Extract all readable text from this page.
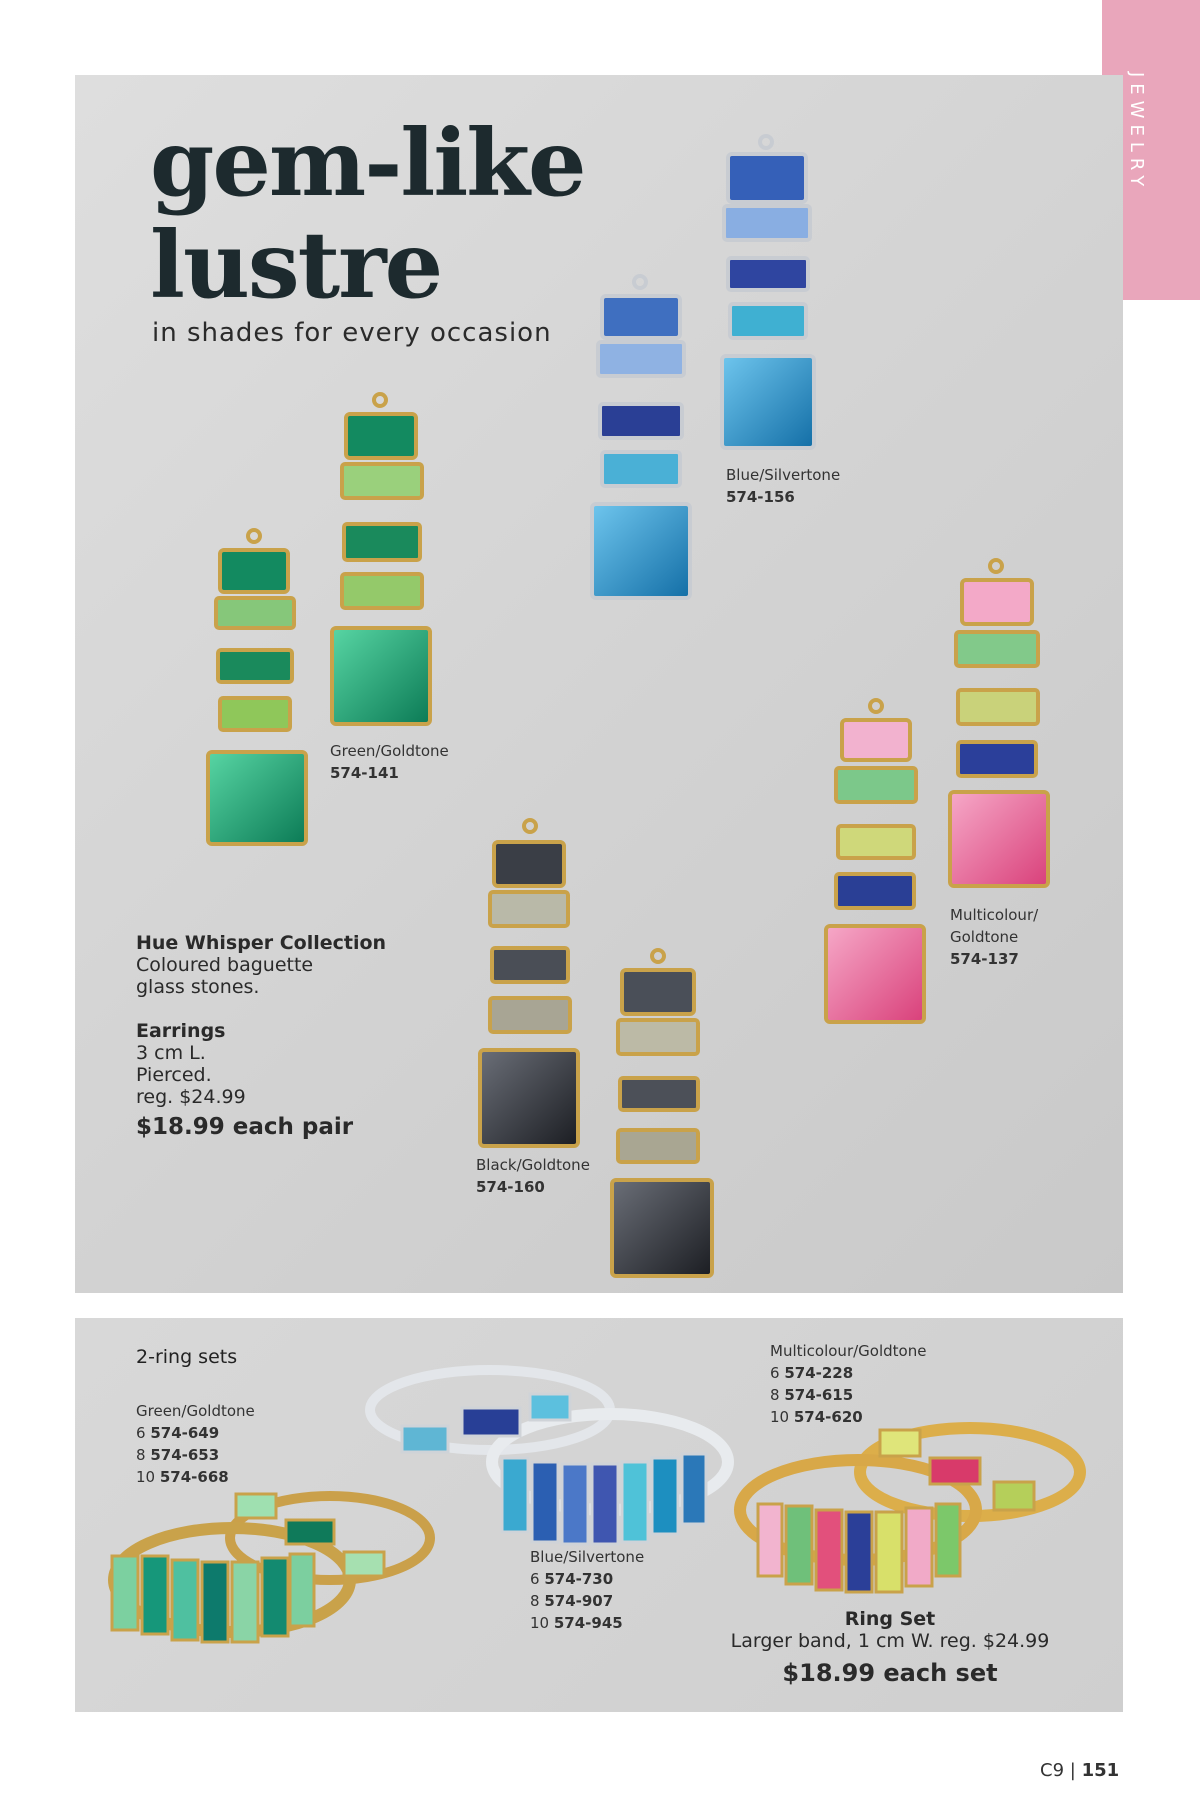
JEWELRY
gem-like
lustre
in shades for every occasion
Blue/Silvertone
574-156
Green/Goldtone
574-141
Multicolour/
Goldtone
574-137
Black/Goldtone
574-160
Hue Whisper Collection
Coloured baguette
glass stones.
Earrings
3 cm L.
Pierced.
reg. $24.99
$18.99 each pair
2-ring sets
Green/Goldtone
6 574-649
8 574-653
10 574-668
Blue/Silvertone
6 574-730
8 574-907
10 574-945
Multicolour/Goldtone
6 574-228
8 574-615
10 574-620
Ring Set
Larger band, 1 cm W. reg. $24.99
$18.99 each set
C9 | 151
